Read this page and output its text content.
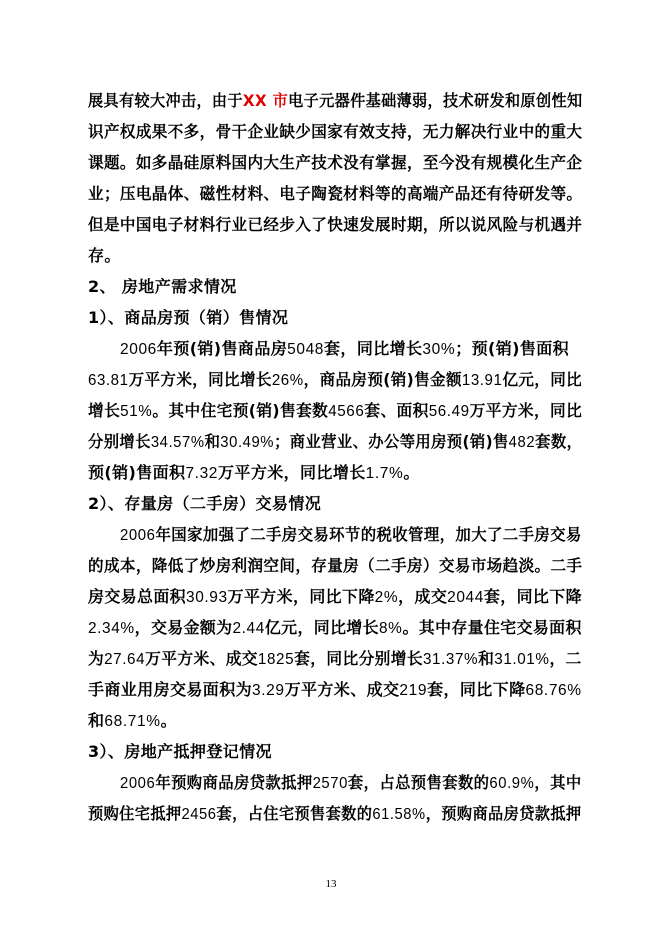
展具有较大冲击，由于XX 市电子元器件基础薄弱，技术研发和原创性知
识产权成果不多，骨干企业缺少国家有效支持，无力解决行业中的重大
课题。如多晶硅原料国内大生产技术没有掌握，至今没有规模化生产企
业；压电晶体、磁性材料、电子陶瓷材料等的高端产品还有待研发等。
但是中国电子材料行业已经步入了快速发展时期，所以说风险与机遇并
存。
2、 房地产需求情况
1）、商品房预（销）售情况
2006年预(销)售商品房5048套，同比增长30%；预(销)售面积
63.81万平方米，同比增长26%，商品房预(销)售金额13.91亿元，同比
增长51%。其中住宅预(销)售套数4566套、面积56.49万平方米，同比
分别增长34.57%和30.49%；商业营业、办公等用房预(销)售482套数，
预(销)售面积7.32万平方米，同比增长1.7%。
2）、存量房（二手房）交易情况
2006年国家加强了二手房交易环节的税收管理，加大了二手房交易
的成本，降低了炒房利润空间，存量房（二手房）交易市场趋淡。二手
房交易总面积30.93万平方米，同比下降2%，成交2044套，同比下降
2.34%，交易金额为2.44亿元，同比增长8%。其中存量住宅交易面积
为27.64万平方米、成交1825套，同比分别增长31.37%和31.01%，二
手商业用房交易面积为3.29万平方米、成交219套，同比下降68.76%
和68.71%。
3）、房地产抵押登记情况
2006年预购商品房贷款抵押2570套，占总预售套数的60.9%，其中
预购住宅抵押2456套，占住宅预售套数的61.58%，预购商品房贷款抵押
13
